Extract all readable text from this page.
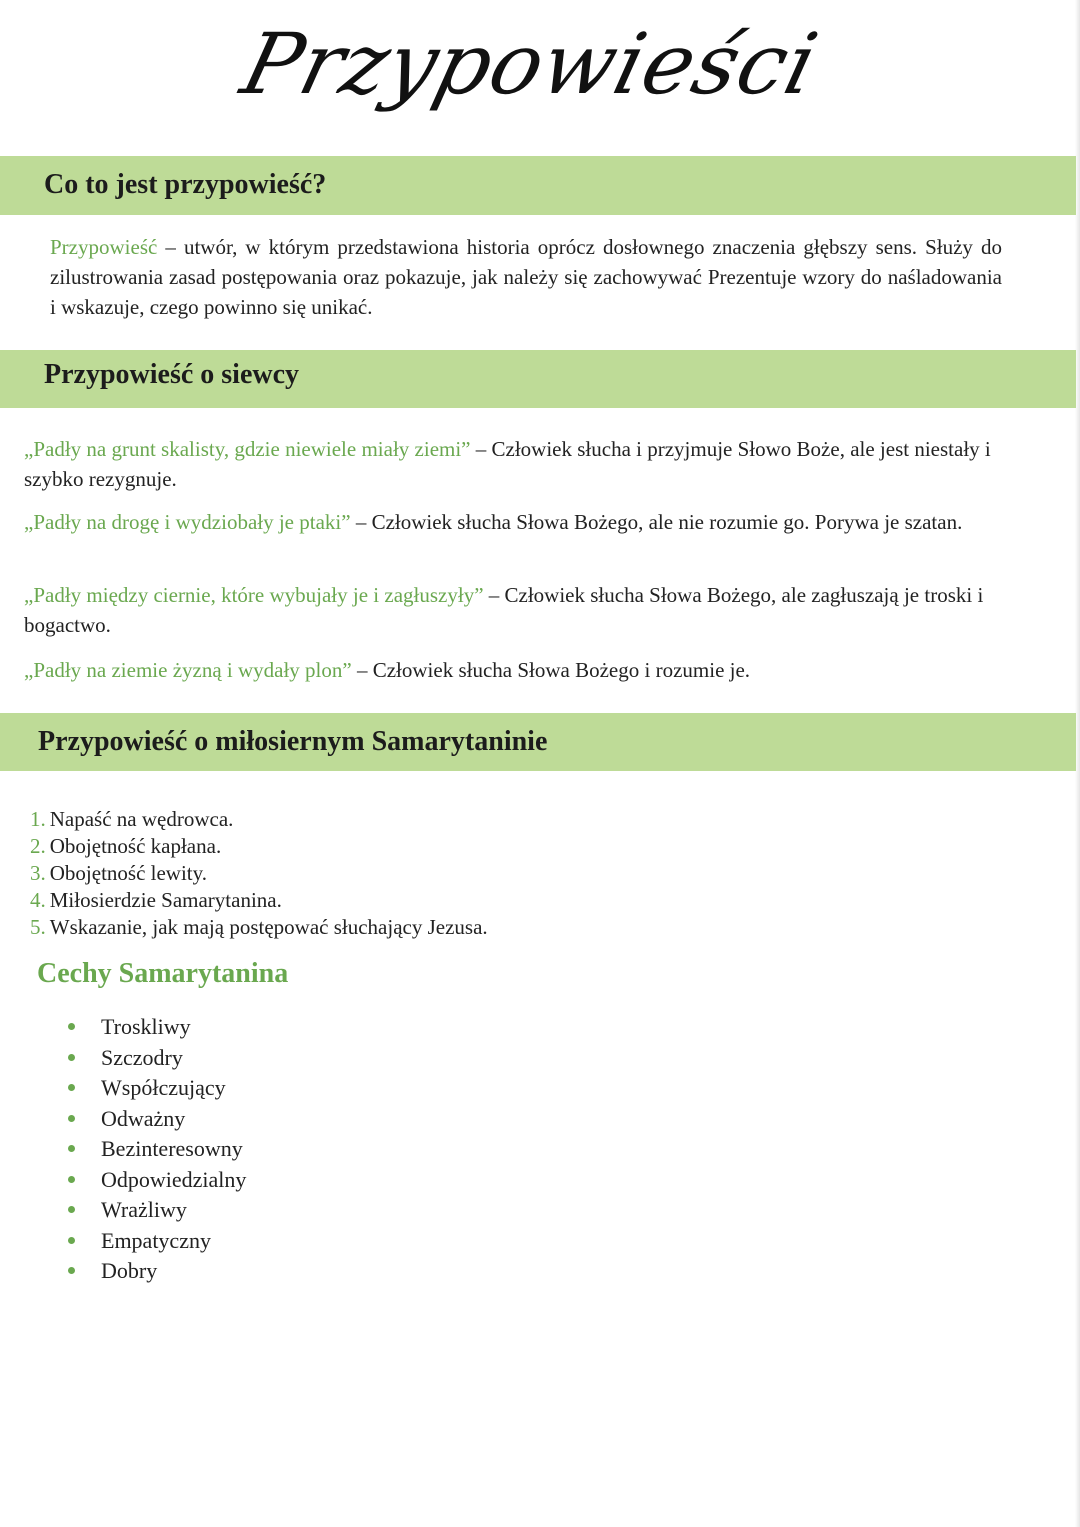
Przypowieści
Co to jest przypowieść?
Przypowieść – utwór, w którym przedstawiona historia oprócz dosłownego znaczenia głębszy sens. Służy do zilustrowania zasad postępowania oraz pokazuje, jak należy się zachowywać Prezentuje wzory do naśladowania i wskazuje, czego powinno się unikać.
Przypowieść o siewcy
„Padły na grunt skalisty, gdzie niewiele miały ziemi” – Człowiek słucha i przyjmuje Słowo Boże, ale jest niestały i szybko rezygnuje.
„Padły na drogę i wydziobały je ptaki” – Człowiek słucha Słowa Bożego, ale nie rozumie go. Porywa je szatan.
„Padły między ciernie, które wybujały je i zagłuszyły” – Człowiek słucha Słowa Bożego, ale zagłuszają je troski i bogactwo.
„Padły na ziemie żyzną i wydały plon” – Człowiek słucha Słowa Bożego i rozumie je.
Przypowieść o miłosiernym Samarytaninie
1. Napaść na wędrowca.
2. Obojętność kapłana.
3. Obojętność lewity.
4. Miłosierdzie Samarytanina.
5. Wskazanie, jak mają postępować słuchający Jezusa.
Cechy Samarytanina
Troskliwy
Szczodry
Współczujący
Odważny
Bezinteresowny
Odpowiedzialny
Wrażliwy
Empatyczny
Dobry
